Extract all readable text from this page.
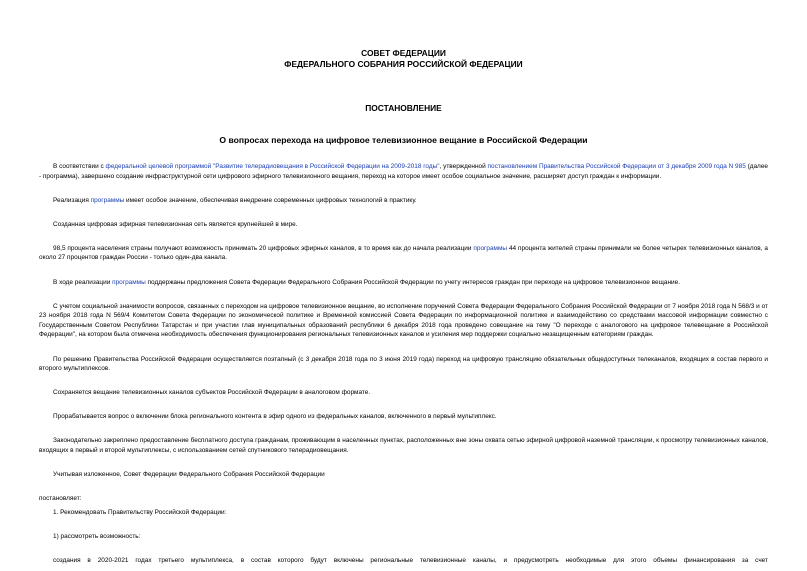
СОВЕТ ФЕДЕРАЦИИ
ФЕДЕРАЛЬНОГО СОБРАНИЯ РОССИЙСКОЙ ФЕДЕРАЦИИ
ПОСТАНОВЛЕНИЕ
О вопросах перехода на цифровое телевизионное вещание в Российской Федерации

В соответствии с федеральной целевой программой "Развитие телерадиовещания в Российской Федерации на 2009-2018 годы", утвержденной постановлением Правительства Российской Федерации от 3 декабря 2009 года N 985 (далее - программа), завершено создание инфраструктурной сети цифрового эфирного телевизионного вещания, переход на которое имеет особое социальное значение, расширяет доступ граждан к информации.

Реализация программы имеет особое значение, обеспечивая внедрение современных цифровых технологий в практику.

Созданная цифровая эфирная телевизионная сеть является крупнейшей в мире.

98,5 процента населения страны получают возможность принимать 20 цифровых эфирных каналов, в то время как до начала реализации программы 44 процента жителей страны принимали не более четырех телевизионных каналов, а около 27 процентов граждан России - только один-два канала.

В ходе реализации программы поддержаны предложения Совета Федерации Федерального Собрания Российской Федерации по учету интересов граждан при переходе на цифровое телевизионное вещание.

С учетом социальной значимости вопросов, связанных с переходом на цифровое телевизионное вещание, во исполнение поручений Совета Федерации Федерального Собрания Российской Федерации от 7 ноября 2018 года N 568/3 и от 23 ноября 2018 года N 569/4 Комитетом Совета Федерации по экономической политике и Временной комиссией Совета Федерации по информационной политике и взаимодействию со средствами массовой информации совместно с Государственным Советом Республики Татарстан и при участии глав муниципальных образований республики 6 декабря 2018 года проведено совещание на тему "О переходе с аналогового на цифровое телевещание в Российской Федерации", на котором была отмечена необходимость обеспечения функционирования региональных телевизионных каналов и усиления мер поддержки социально незащищенным категориям граждан.

По решению Правительства Российской Федерации осуществляется поэтапный (с 3 декабря 2018 года по 3 июня 2019 года) переход на цифровую трансляцию обязательных общедоступных телеканалов, входящих в состав первого и второго мультиплексов.

Сохраняется вещание телевизионных каналов субъектов Российской Федерации в аналоговом формате.

Прорабатывается вопрос о включении блока регионального контента в эфир одного из федеральных каналов, включенного в первый мультиплекс.

Законодательно закреплено предоставление бесплатного доступа гражданам, проживающим в населенных пунктах, расположенных вне зоны охвата сетью эфирной цифровой наземной трансляции, к просмотру телевизионных каналов, входящих в первый и второй мультиплексы, с использованием сетей спутникового телерадиовещания.

Учитывая изложенное, Совет Федерации Федерального Собрания Российской Федерации

постановляет:

1. Рекомендовать Правительству Российской Федерации:

1) рассмотреть возможность:

создания в 2020-2021 годах третьего мультиплекса, в состав которого будут включены региональные телевизионные каналы, и предусмотреть необходимые для этого объемы финансирования за счет
